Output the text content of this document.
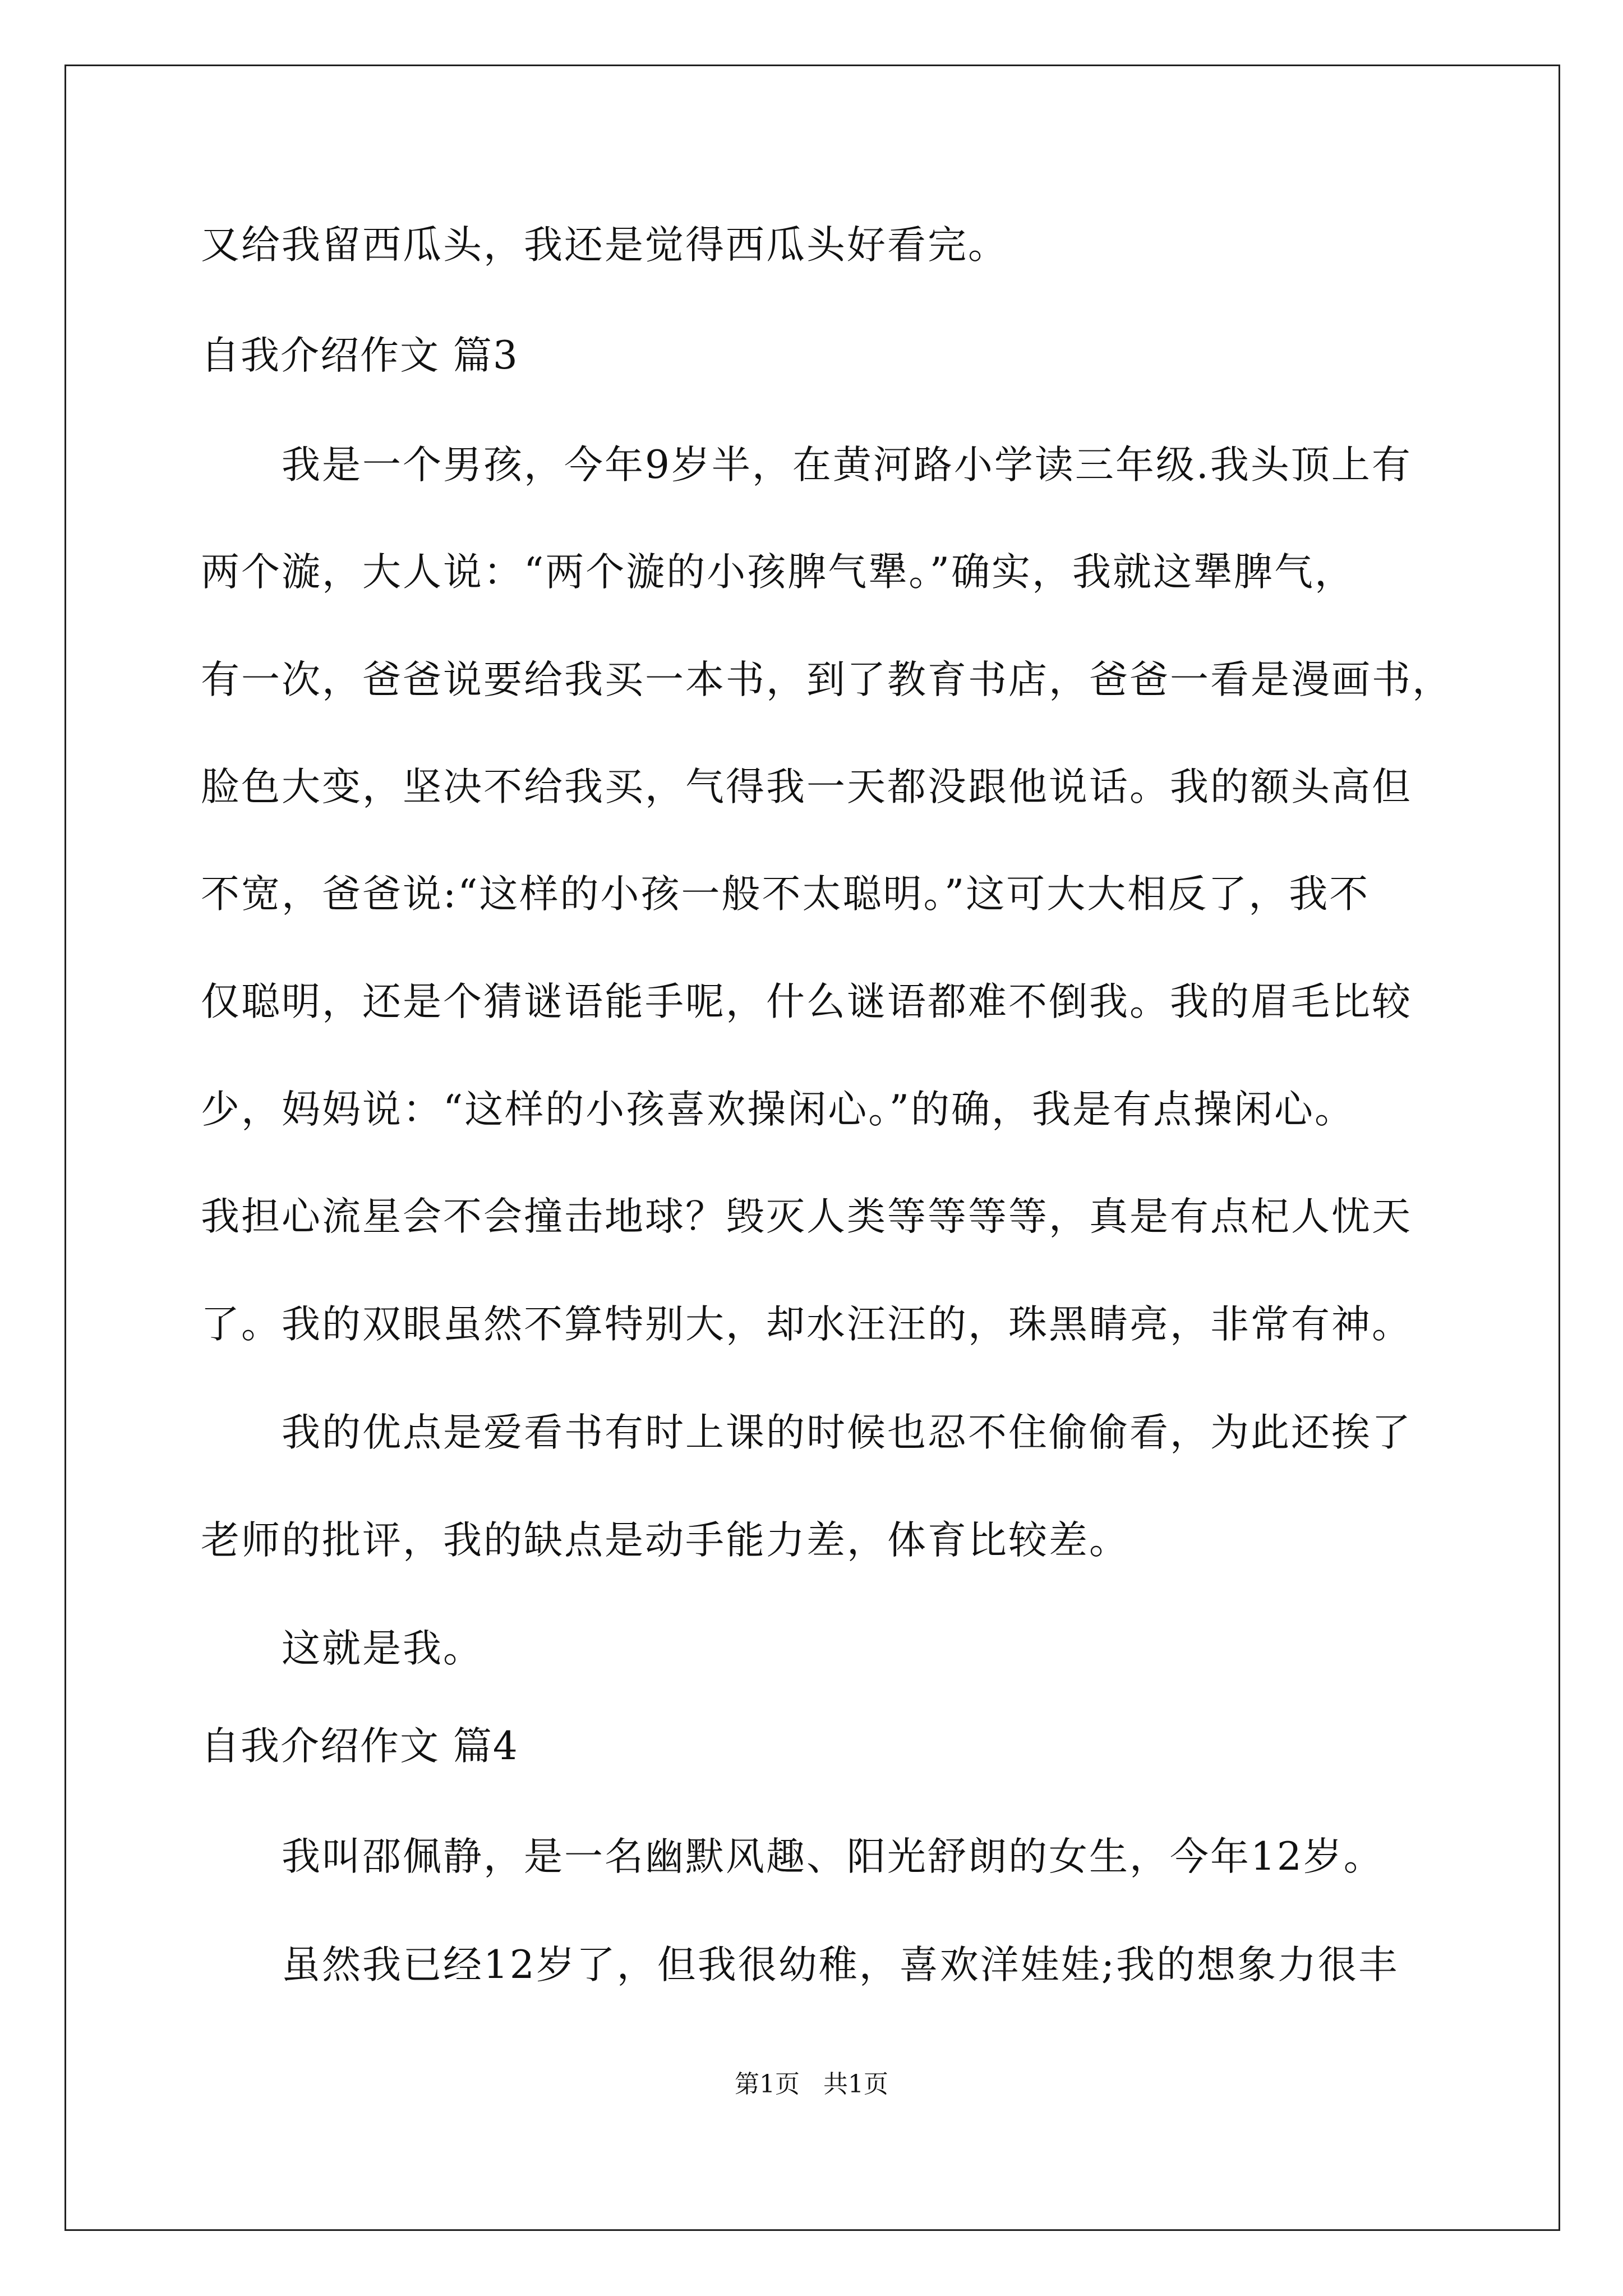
又给我留西瓜头，我还是觉得西瓜头好看完。
自我介绍作文 篇3
我是一个男孩，今年9岁半，在黄河路小学读三年级.我头顶上有
两个漩，大人说：“两个漩的小孩脾气犟。”确实，我就这犟脾气，
有一次，爸爸说要给我买一本书，到了教育书店，爸爸一看是漫画书，
脸色大变，坚决不给我买，气得我一天都没跟他说话。我的额头高但
不宽，爸爸说:“这样的小孩一般不太聪明。”这可大大相反了，我不
仅聪明，还是个猜谜语能手呢，什么谜语都难不倒我。我的眉毛比较
少，妈妈说：“这样的小孩喜欢操闲心。”的确，我是有点操闲心。
我担心流星会不会撞击地球？毁灭人类等等等等，真是有点杞人忧天
了。我的双眼虽然不算特别大，却水汪汪的，珠黑睛亮，非常有神。
我的优点是爱看书有时上课的时候也忍不住偷偷看，为此还挨了
老师的批评，我的缺点是动手能力差，体育比较差。
这就是我。
自我介绍作文 篇4
我叫邵佩静，是一名幽默风趣、阳光舒朗的女生，今年12岁。
虽然我已经12岁了，但我很幼稚，喜欢洋娃娃;我的想象力很丰
第1页   共1页
